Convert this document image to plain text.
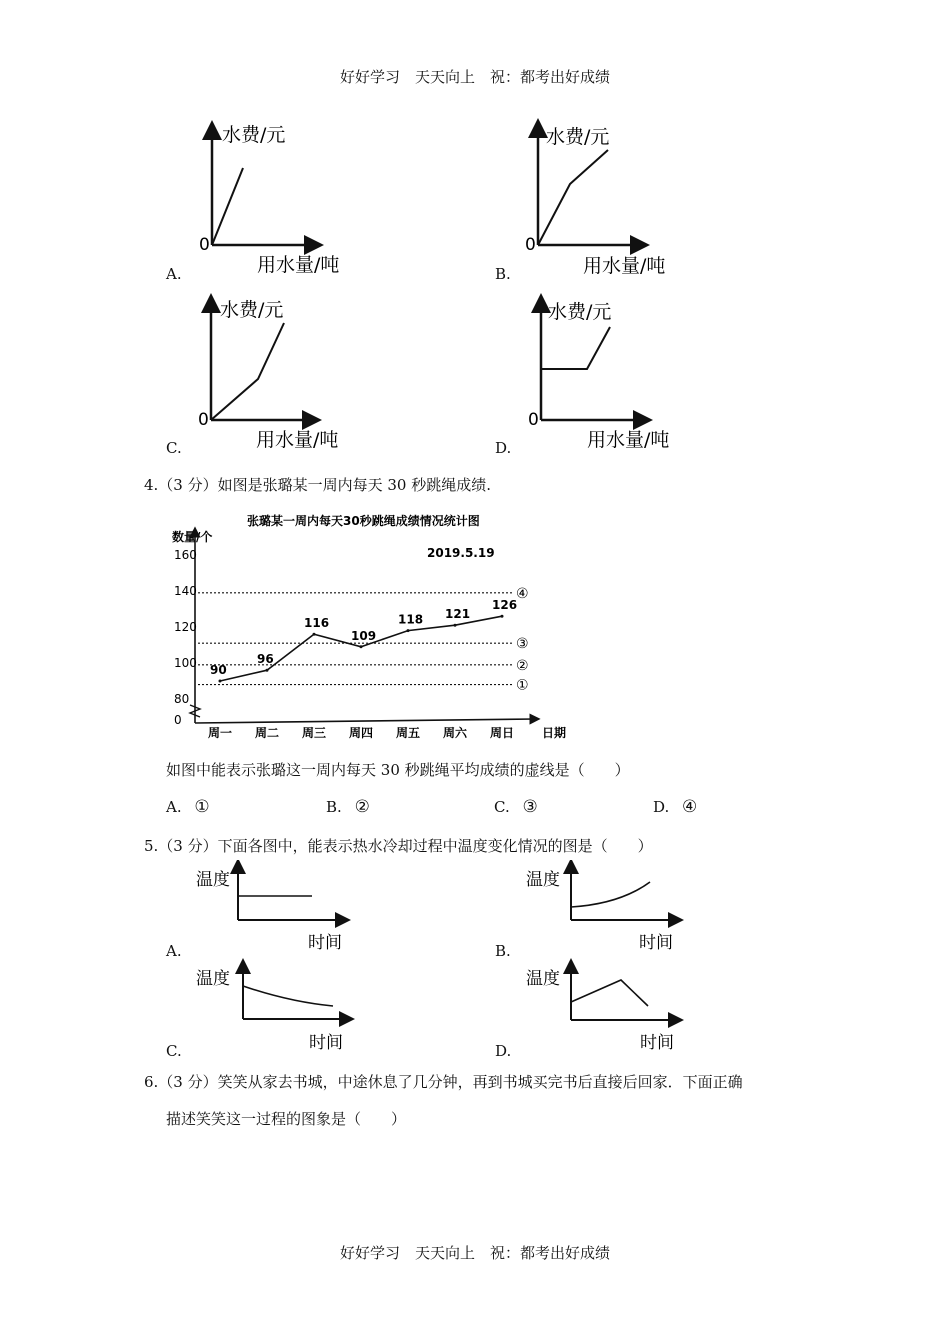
好好学习　天天向上　祝：都考出好成绩
水费/元
0
用水量/吨
水费/元
0
用水量/吨
水费/元
0
用水量/吨
水费/元
0
用水量/吨
A.	B.
C.	D.
4.（3 分）如图是张璐某一周内每天 30 秒跳绳成绩.
张璐某一周内每天30秒跳绳成绩情况统计图
2019.5.19
数量/个
日期
0
80
100
120
140
160
周一 周二 周三 周四 周五 周六 周日
①
②
③
④
90
96
116
109
118 121
126
如图中能表示张璐这一周内每天 30 秒跳绳平均成绩的虚线是（　　）
A. ①	B. ②	C. ③	D. ④
5.（3 分）下面各图中，能表示热水冷却过程中温度变化情况的图是（　　）
温度
时间
温度
时间
温度
时间
温度
时间
A.	B.
C.	D.
6.（3 分）笑笑从家去书城，中途休息了几分钟，再到书城买完书后直接后回家．下面正确
描述笑笑这一过程的图象是（　　）
好好学习　天天向上　祝：都考出好成绩
